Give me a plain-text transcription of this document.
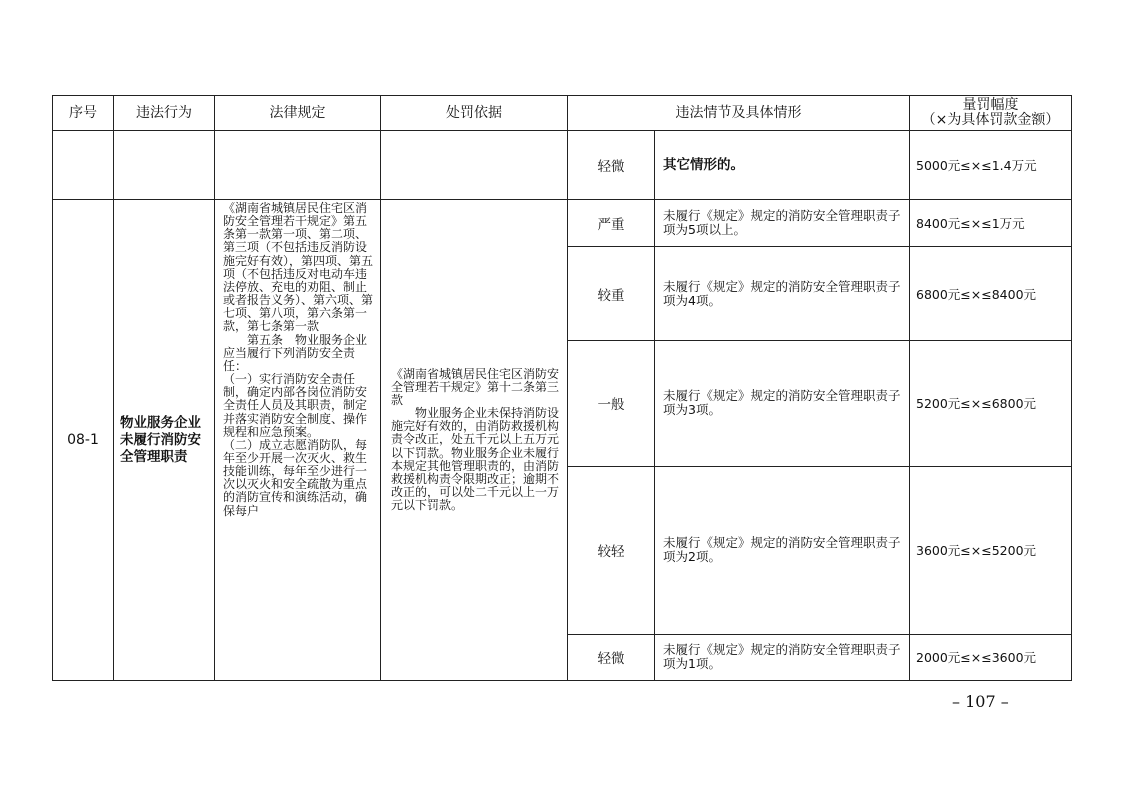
序号	违法行为	法律规定	处罚依据	违法情节及具体情形		量罚幅度
（×为具体罚款金额）

				轻微	其它情形的。	5000元≤×≤1.4万元
08-1	物业服务企业未履行消防安全管理职责	《湖南省城镇居民住宅区消防安全管理若干规定》第五条第一款第一项、第二项、第三项（不包括违反消防设施完好有效），第四项、第五项（不包括违反对电动车违法停放、充电的劝阻、制止或者报告义务）、第六项、第七项、第八项，第六条第一款，第七条第一款
　　第五条　物业服务企业应当履行下列消防安全责任：
（一）实行消防安全责任制，确定内部各岗位消防安全责任人员及其职责，制定并落实消防安全制度、操作规程和应急预案。
（二）成立志愿消防队，每年至少开展一次灭火、救生技能训练，每年至少进行一次以灭火和安全疏散为重点的消防宣传和演练活动，确保每户	《湖南省城镇居民住宅区消防安全管理若干规定》第十二条第三款
　　物业服务企业未保持消防设施完好有效的，由消防救援机构责令改正，处五千元以上五万元以下罚款。物业服务企业未履行本规定其他管理职责的，由消防救援机构责令限期改正；逾期不改正的，可以处二千元以上一万元以下罚款。	严重	未履行《规定》规定的消防安全管理职责子项为5项以上。	8400元≤×≤1万元
				较重	未履行《规定》规定的消防安全管理职责子项为4项。	6800元≤×≤8400元
				一般	未履行《规定》规定的消防安全管理职责子项为3项。	5200元≤×≤6800元
				较轻	未履行《规定》规定的消防安全管理职责子项为2项。	3600元≤×≤5200元
				轻微	未履行《规定》规定的消防安全管理职责子项为1项。	2000元≤×≤3600元
– 107 –
